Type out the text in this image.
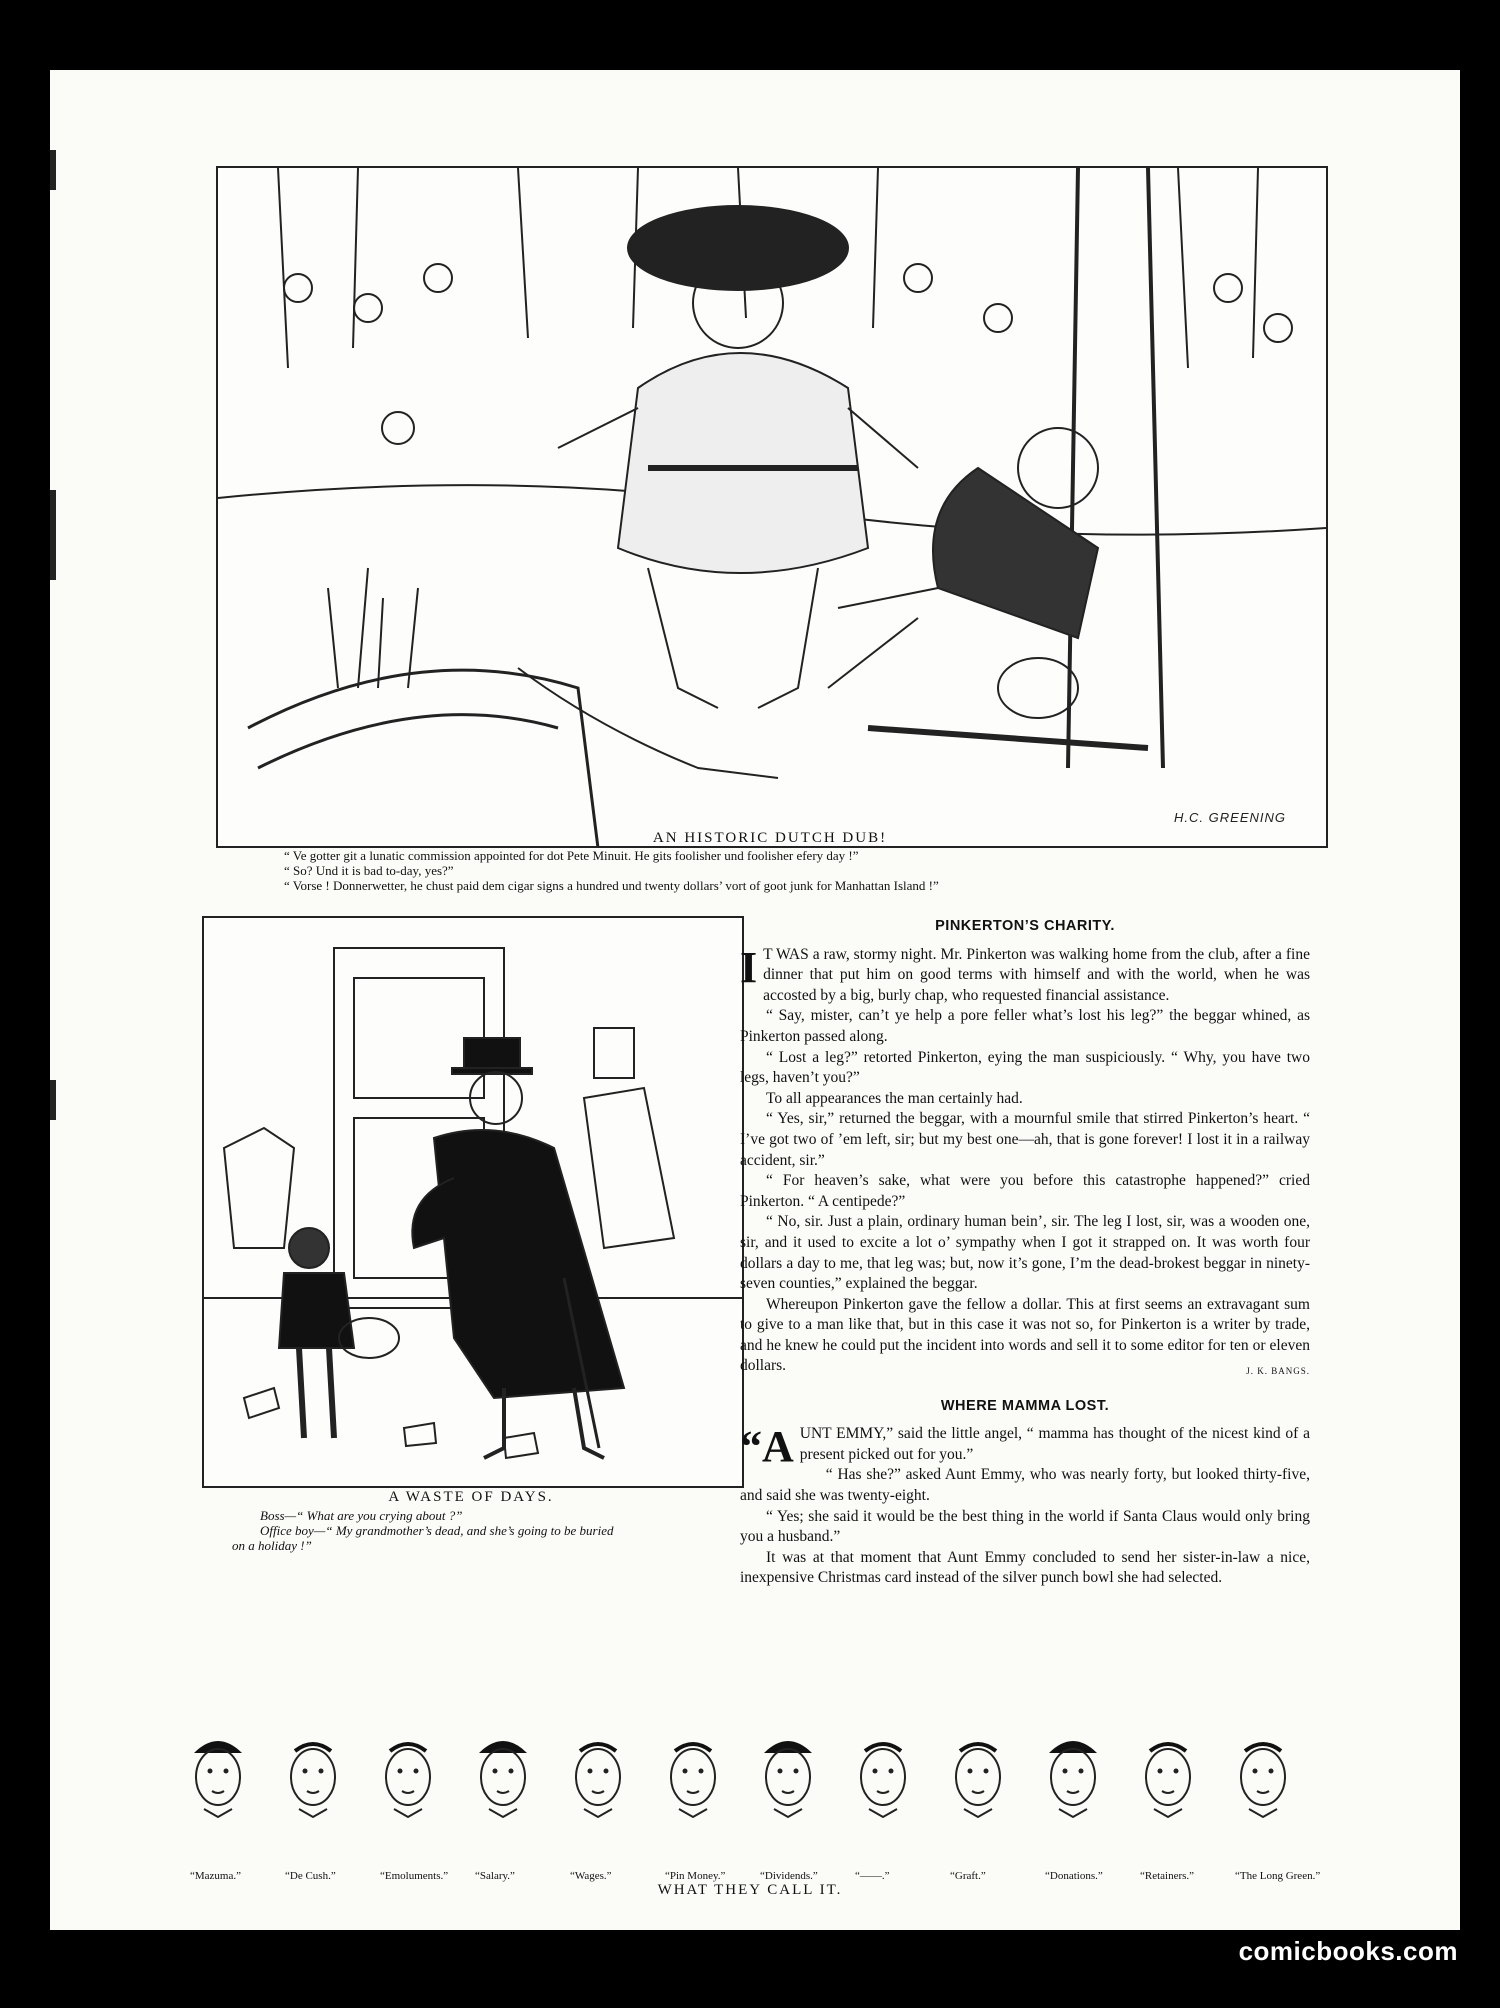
H.C. GREENING
AN HISTORIC DUTCH DUB!
“ Ve gotter git a lunatic commission appointed for dot Pete Minuit. He gits foolisher und foolisher efery day !”
“ So? Und it is bad to-day, yes?”
“ Vorse ! Donnerwetter, he chust paid dem cigar signs a hundred und twenty dollars’ vort of goot junk for Manhattan Island !”
A WASTE OF DAYS.
Boss—“ What are you crying about ?”
Office boy—“ My grandmother’s dead, and she’s going to be buried
on a holiday !”
PINKERTON’S CHARITY.

I T WAS a raw, stormy night. Mr. Pinkerton was walking home from the club, after a fine dinner that put him on good terms with himself and with the world, when he was accosted by a big, burly chap, who requested financial assistance.

“ Say, mister, can’t ye help a pore feller what’s lost his leg?” the beggar whined, as Pinkerton passed along.

“ Lost a leg?” retorted Pinkerton, eying the man suspiciously. “ Why, you have two legs, haven’t you?”

To all appearances the man certainly had.

“ Yes, sir,” returned the beggar, with a mournful smile that stirred Pinkerton’s heart. “ I’ve got two of ’em left, sir; but my best one—ah, that is gone forever! I lost it in a railway accident, sir.”

“ For heaven’s sake, what were you before this catastrophe happened?” cried Pinkerton. “ A centipede?”

“ No, sir. Just a plain, ordinary human bein’, sir. The leg I lost, sir, was a wooden one, sir, and it used to excite a lot o’ sympathy when I got it strapped on. It was worth four dollars a day to me, that leg was; but, now it’s gone, I’m the dead-brokest beggar in ninety-seven counties,” explained the beggar.

Whereupon Pinkerton gave the fellow a dollar. This at first seems an extravagant sum to give to a man like that, but in this case it was not so, for Pinkerton is a writer by trade, and he knew he could put the incident into words and sell it to some editor for ten or eleven dollars.	J. K. BANGS.
WHERE MAMMA LOST.

“AUNT EMMY,” said the little angel, “ mamma has thought of the nicest kind of a present picked out for you.”

“ Has she?” asked Aunt Emmy, who was nearly forty, but looked thirty-five, and said she was twenty-eight.

“ Yes; she said it would be the best thing in the world if Santa Claus would only bring you a husband.”

It was at that moment that Aunt Emmy concluded to send her sister-in-law a nice, inexpensive Christmas card instead of the silver punch bowl she had selected.

“Mazuma.”	“De Cush.”	“Emoluments.” “Salary.”	“Wages.”	“Pin Money.”	“Dividends.”	“——.”	“Graft.”	“Donations.”	“Retainers.”	“The Long Green.”
WHAT THEY CALL IT.
comicbooks.com
